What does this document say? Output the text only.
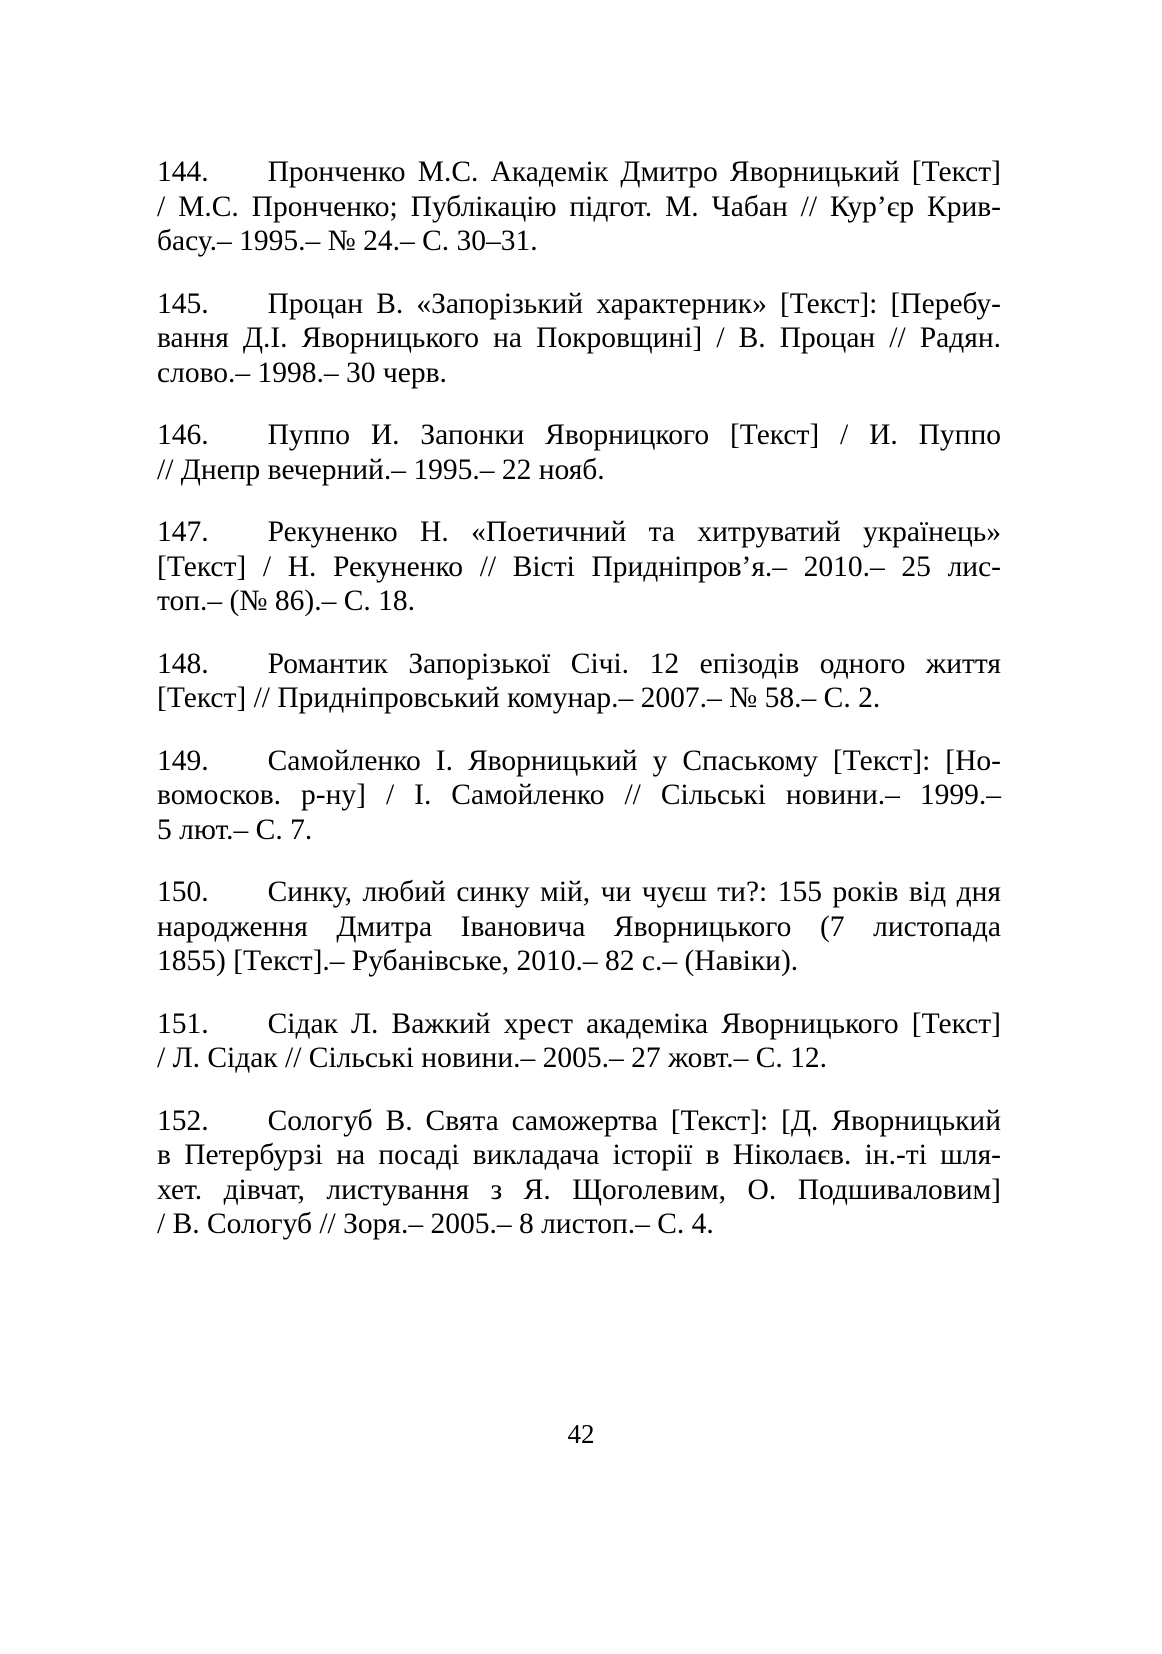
144.  Пронченко М.С. Академік Дмитро Яворницький [Текст]
/ М.С. Пронченко; Публікацію підгот. М. Чабан // Кур’єр Крив-
басу.– 1995.– № 24.– С. 30–31.
145.  Процан В. «Запорізький характерник» [Текст]: [Перебу-
вання Д.І. Яворницького на Покровщині] / В. Процан // Радян.
слово.– 1998.– 30 черв.
146.  Пуппо И. Запонки Яворницкого [Текст] / И. Пуппо
// Днепр вечерний.– 1995.– 22 нояб.
147.  Рекуненко Н. «Поетичний та хитруватий українець»
[Текст] / Н. Рекуненко // Вісті Придніпров’я.– 2010.– 25 лис-
топ.– (№ 86).– С. 18.
148.  Романтик Запорізької Січі. 12 епізодів одного життя
[Текст] // Придніпровський комунар.– 2007.– № 58.– С. 2.
149.  Самойленко І. Яворницький у Спаському [Текст]: [Но-
вомосков. р-ну] / І. Самойленко // Сільські новини.– 1999.–
5 лют.– С. 7.
150.  Синку, любий синку мій, чи чуєш ти?: 155 років від дня
народження Дмитра Івановича Яворницького (7 листопада
1855) [Текст].– Рубанівське, 2010.– 82 с.– (Навіки).
151.  Сідак Л. Важкий хрест академіка Яворницького [Текст]
/ Л. Сідак // Сільські новини.– 2005.– 27 жовт.– С. 12.
152.  Сологуб В. Свята саможертва [Текст]: [Д. Яворницький
в Петербурзі на посаді викладача історії в Ніколаєв. ін.-ті шля-
хет. дівчат, листування з Я. Щоголевим, О. Подшиваловим]
/ В. Сологуб // Зоря.– 2005.– 8 листоп.– С. 4.
42
